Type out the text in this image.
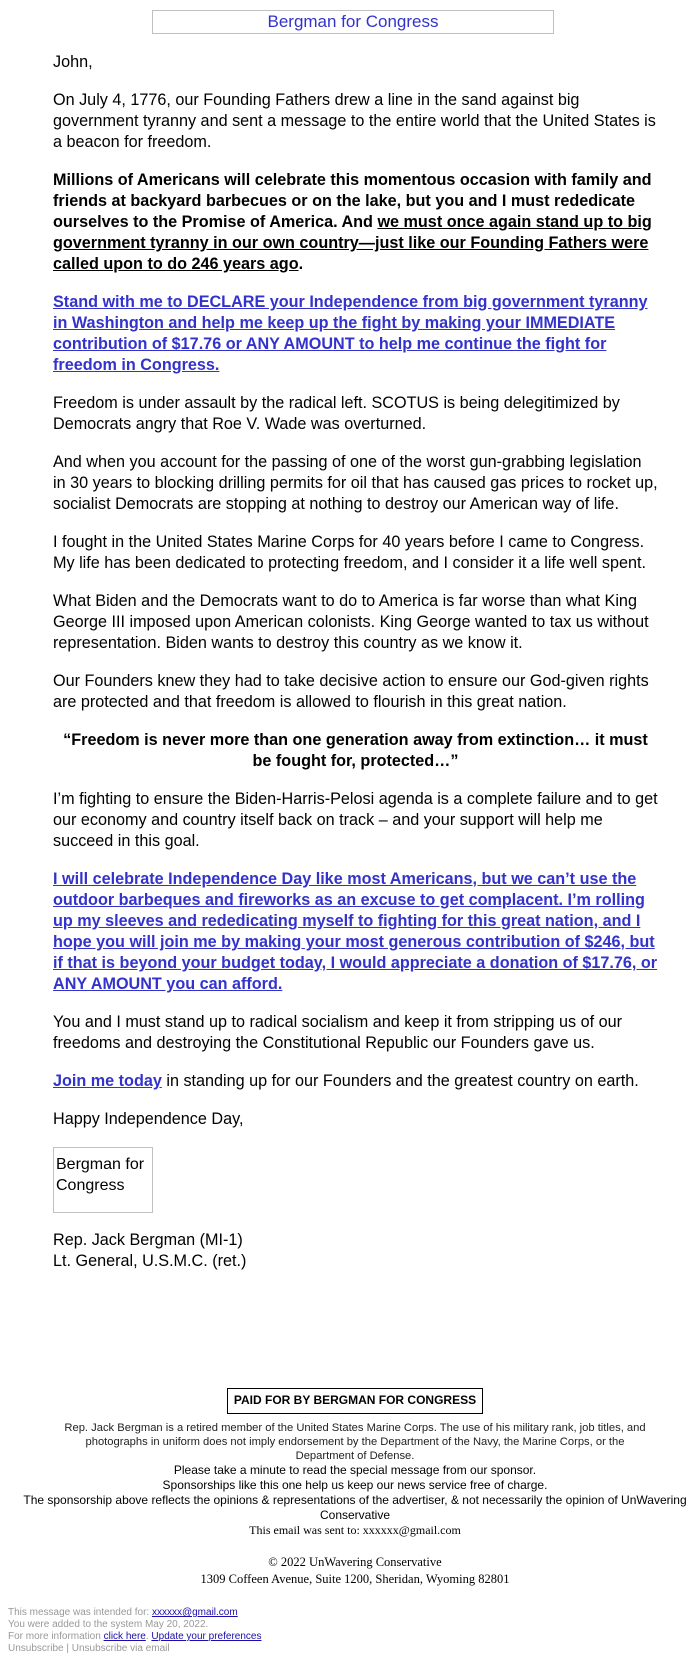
Bergman for Congress

John,

On July 4, 1776, our Founding Fathers drew a line in the sand against big government tyranny and sent a message to the entire world that the United States is a beacon for freedom.

Millions of Americans will celebrate this momentous occasion with family and friends at backyard barbecues or on the lake, but you and I must rededicate ourselves to the Promise of America. And we must once again stand up to big government tyranny in our own country—just like our Founding Fathers were called upon to do 246 years ago.

Stand with me to DECLARE your Independence from big government tyranny in Washington and help me keep up the fight by making your IMMEDIATE contribution of $17.76 or ANY AMOUNT to help me continue the fight for freedom in Congress.

Freedom is under assault by the radical left. SCOTUS is being delegitimized by Democrats angry that Roe V. Wade was overturned.

And when you account for the passing of one of the worst gun-grabbing legislation in 30 years to blocking drilling permits for oil that has caused gas prices to rocket up, socialist Democrats are stopping at nothing to destroy our American way of life.

I fought in the United States Marine Corps for 40 years before I came to Congress. My life has been dedicated to protecting freedom, and I consider it a life well spent.

What Biden and the Democrats want to do to America is far worse than what King George III imposed upon American colonists. King George wanted to tax us without representation. Biden wants to destroy this country as we know it.

Our Founders knew they had to take decisive action to ensure our God-given rights are protected and that freedom is allowed to flourish in this great nation.

“Freedom is never more than one generation away from extinction… it must be fought for, protected…”

I’m fighting to ensure the Biden-Harris-Pelosi agenda is a complete failure and to get our economy and country itself back on track – and your support will help me succeed in this goal.

I will celebrate Independence Day like most Americans, but we can’t use the outdoor barbeques and fireworks as an excuse to get complacent. I’m rolling up my sleeves and rededicating myself to fighting for this great nation, and I hope you will join me by making your most generous contribution of $246, but if that is beyond your budget today, I would appreciate a donation of $17.76, or ANY AMOUNT you can afford.

You and I must stand up to radical socialism and keep it from stripping us of our freedoms and destroying the Constitutional Republic our Founders gave us.

Join me today in standing up for our Founders and the greatest country on earth.

Happy Independence Day,

Bergman for Congress
Rep. Jack Bergman (MI-1)
Lt. General, U.S.M.C. (ret.)
PAID FOR BY BERGMAN FOR CONGRESS
Rep. Jack Bergman is a retired member of the United States Marine Corps. The use of his military rank, job titles, and photographs in uniform does not imply endorsement by the Department of the Navy, the Marine Corps, or the Department of Defense.
Please take a minute to read the special message from our sponsor.
Sponsorships like this one help us keep our news service free of charge.
The sponsorship above reflects the opinions & representations of the advertiser, & not necessarily the opinion of UnWavering Conservative
This email was sent to: xxxxxx@gmail.com
© 2022 UnWavering Conservative
1309 Coffeen Avenue, Suite 1200, Sheridan, Wyoming 82801
This message was intended for: xxxxxx@gmail.com
You were added to the system May 20, 2022.
For more information click here. Update your preferences
Unsubscribe | Unsubscribe via email
